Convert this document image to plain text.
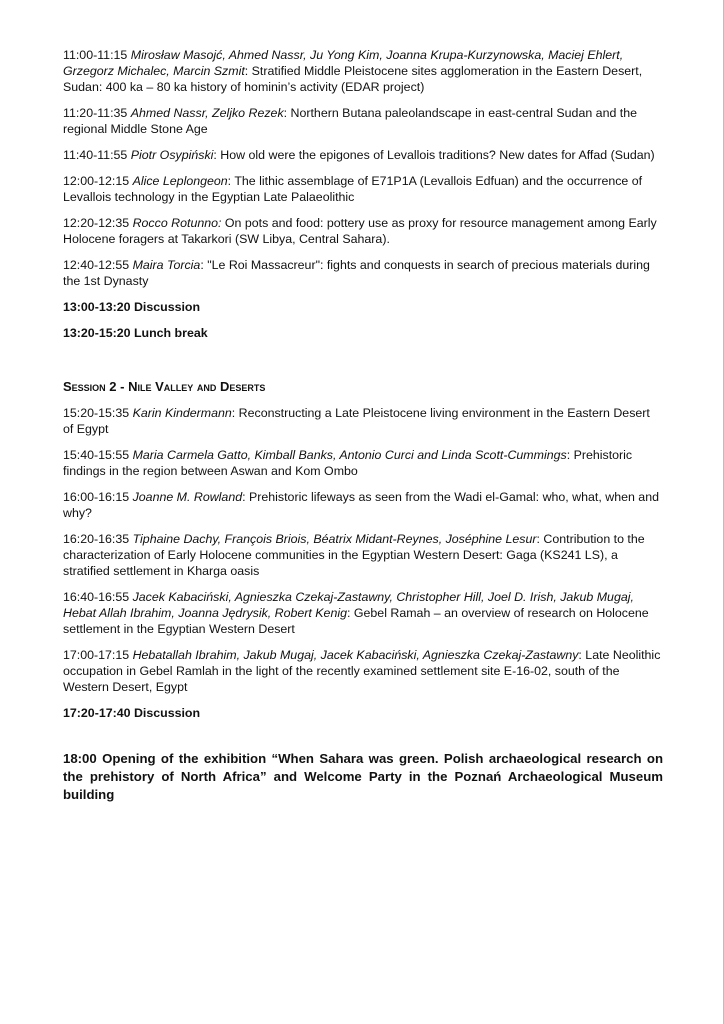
11:00-11:15 Mirosław Masojć, Ahmed Nassr, Ju Yong Kim, Joanna Krupa-Kurzynowska, Maciej Ehlert, Grzegorz Michalec, Marcin Szmit: Stratified Middle Pleistocene sites agglomeration in the Eastern Desert, Sudan: 400 ka – 80 ka history of hominin’s activity (EDAR project)

11:20-11:35 Ahmed Nassr, Zeljko Rezek: Northern Butana paleolandscape in east-central Sudan and the regional Middle Stone Age

11:40-11:55 Piotr Osypiński: How old were the epigones of Levallois traditions? New dates for Affad (Sudan)

12:00-12:15 Alice Leplongeon: The lithic assemblage of E71P1A (Levallois Edfuan) and the occurrence of Levallois technology in the Egyptian Late Palaeolithic

12:20-12:35 Rocco Rotunno: On pots and food: pottery use as proxy for resource management among Early Holocene foragers at Takarkori (SW Libya, Central Sahara).

12:40-12:55 Maira Torcia: "Le Roi Massacreur": fights and conquests in search of precious materials during the 1st Dynasty

13:00-13:20 Discussion

13:20-15:20 Lunch break

Session 2 - Nile Valley and Deserts

15:20-15:35 Karin Kindermann: Reconstructing a Late Pleistocene living environment in the Eastern Desert of Egypt

15:40-15:55 Maria Carmela Gatto, Kimball Banks, Antonio Curci and Linda Scott-Cummings: Prehistoric findings in the region between Aswan and Kom Ombo

16:00-16:15 Joanne M. Rowland: Prehistoric lifeways as seen from the Wadi el-Gamal: who, what, when and why?

16:20-16:35 Tiphaine Dachy, François Briois, Béatrix Midant-Reynes, Joséphine Lesur: Contribution to the characterization of Early Holocene communities in the Egyptian Western Desert: Gaga (KS241 LS), a stratified settlement in Kharga oasis

16:40-16:55 Jacek Kabaciński, Agnieszka Czekaj-Zastawny, Christopher Hill, Joel D. Irish, Jakub Mugaj, Hebat Allah Ibrahim, Joanna Jędrysik, Robert Kenig: Gebel Ramah – an overview of research on Holocene settlement in the Egyptian Western Desert

17:00-17:15 Hebatallah Ibrahim, Jakub Mugaj, Jacek Kabaciński, Agnieszka Czekaj-Zastawny: Late Neolithic occupation in Gebel Ramlah in the light of the recently examined settlement site E-16-02, south of the Western Desert, Egypt

17:20-17:40 Discussion

18:00 Opening of the exhibition “When Sahara was green. Polish archaeological research on the prehistory of North Africa” and Welcome Party in the Poznań Archaeological Museum building
